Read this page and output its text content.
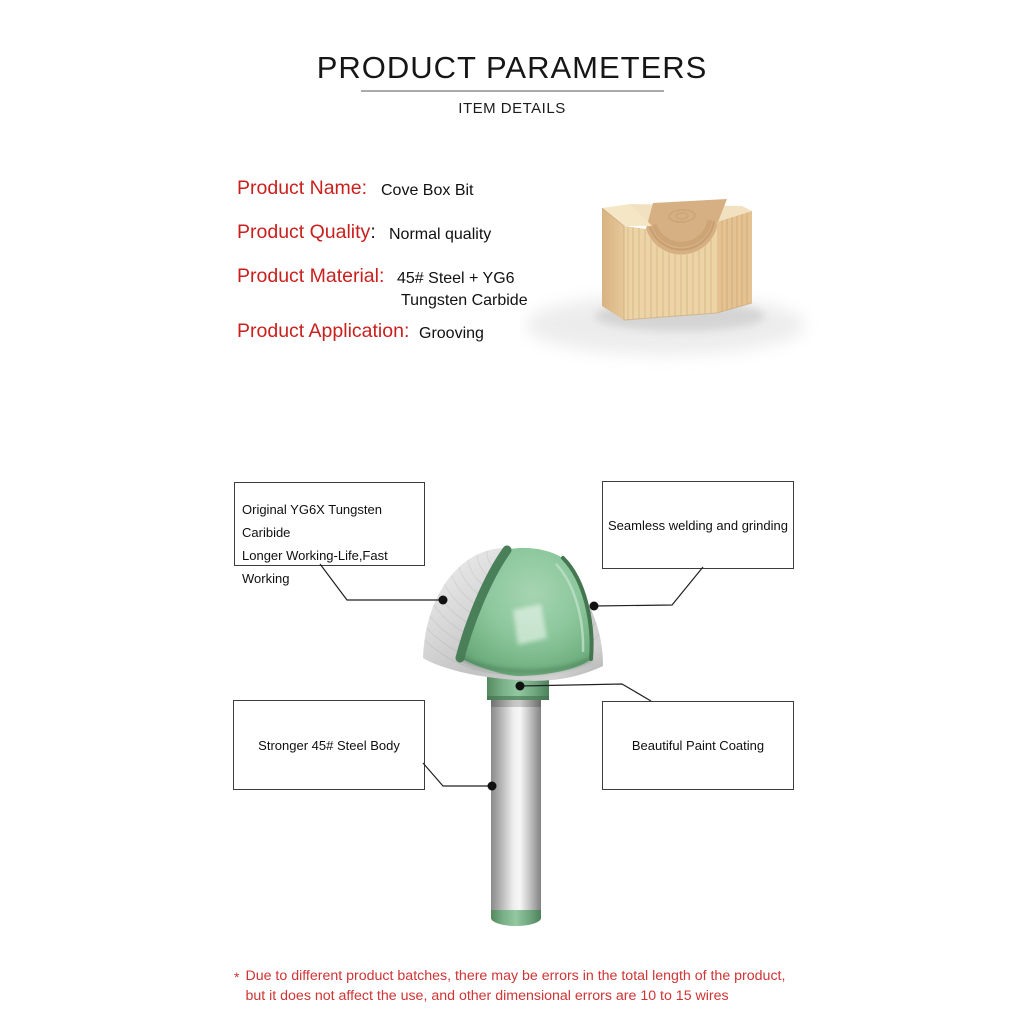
PRODUCT PARAMETERS
ITEM DETAILS
Product Name: Cove Box Bit
Product Quality: Normal quality
Product Material: 45# Steel + YG6
Tungsten Carbide
Product Application: Grooving
Original YG6X Tungsten Caribide
Longer Working-Life,Fast Working
Seamless welding and grinding
Stronger 45# Steel Body	Beautiful Paint Coating
* Due to different product batches, there may be errors in the total length of the product,
but it does not affect the use, and other dimensional errors are 10 to 15 wires
